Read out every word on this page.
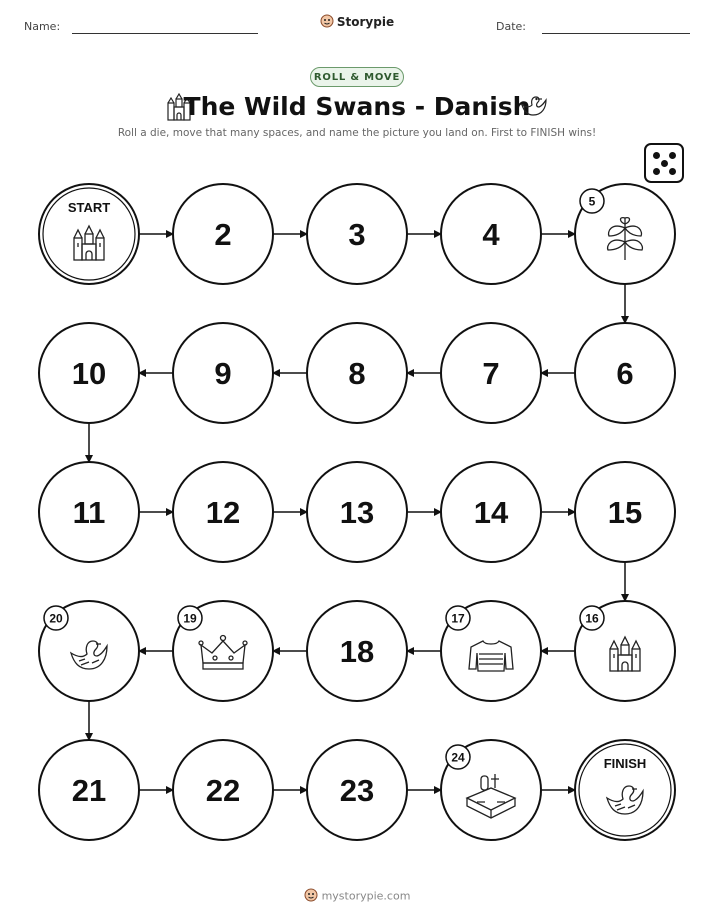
Name:	Storypie	Date:
ROLL & MOVE
The Wild Swans - Danish
Roll a die, move that many spaces, and name the picture you land on. First to FINISH wins!
START
2	3	4
5
6
7
8
9
10
11	12	13	14	15
16
17
18
19
20
21	22	23
24	FINISH
mystorypie.com
